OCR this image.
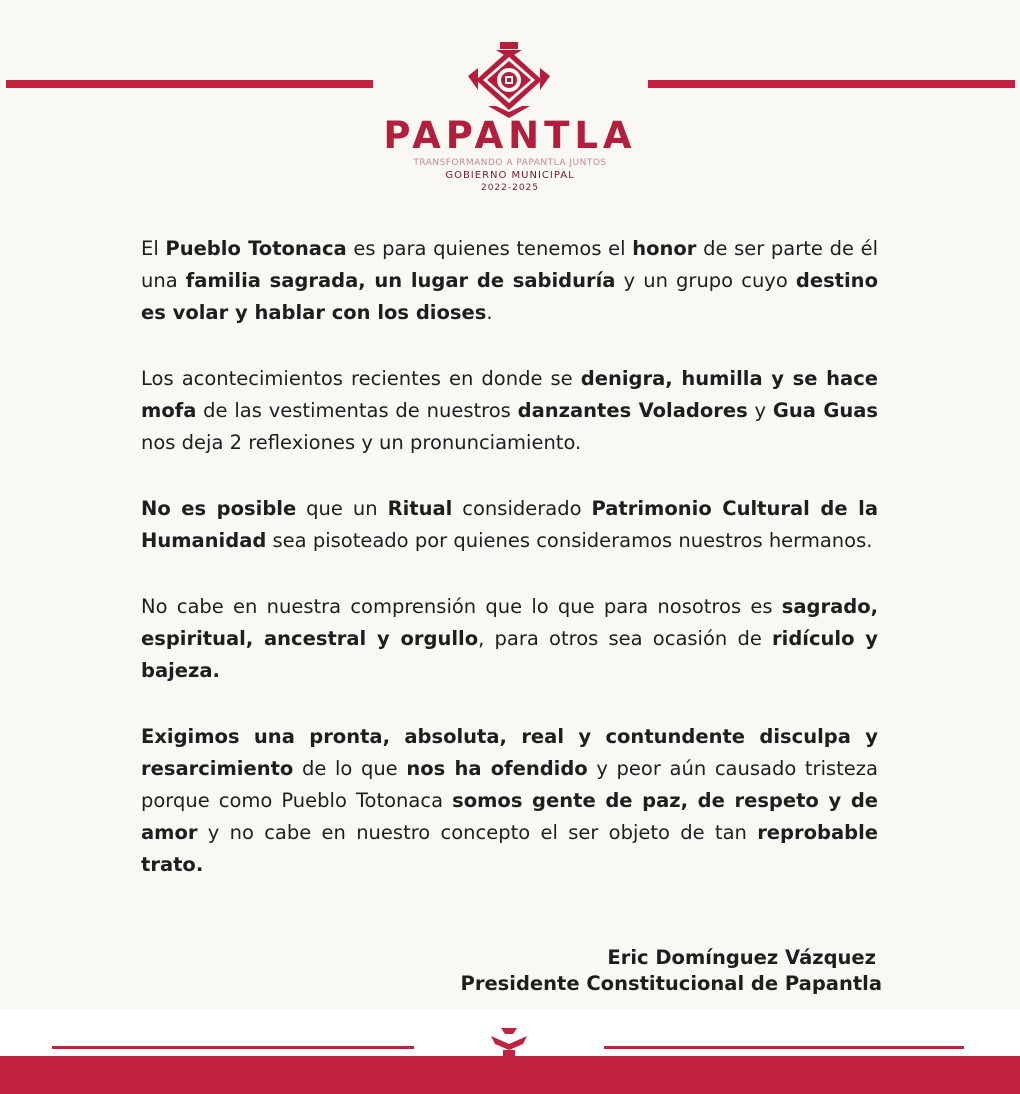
PAPANTLA
TRANSFORMANDO A PAPANTLA JUNTOS
GOBIERNO MUNICIPAL
2022-2025

El Pueblo Totonaca es para quienes tenemos el honor de ser parte de él una familia sagrada, un lugar de sabiduría y un grupo cuyo destino es volar y hablar con los dioses.

Los acontecimientos recientes en donde se denigra, humilla y se hace mofa de las vestimentas de nuestros danzantes Voladores y Gua Guas nos deja 2 reflexiones y un pronunciamiento.

No es posible que un Ritual considerado Patrimonio Cultural de la Humanidad sea pisoteado por quienes consideramos nuestros hermanos.

No cabe en nuestra comprensión que lo que para nosotros es sagrado, espiritual, ancestral y orgullo, para otros sea ocasión de ridículo y bajeza.

Exigimos una pronta, absoluta, real y contundente disculpa y resarcimiento de lo que nos ha ofendido y peor aún causado tristeza porque como Pueblo Totonaca somos gente de paz, de respeto y de amor y no cabe en nuestro concepto el ser objeto de tan reprobable trato.

Eric Domínguez Vázquez
Presidente Constitucional de Papantla
